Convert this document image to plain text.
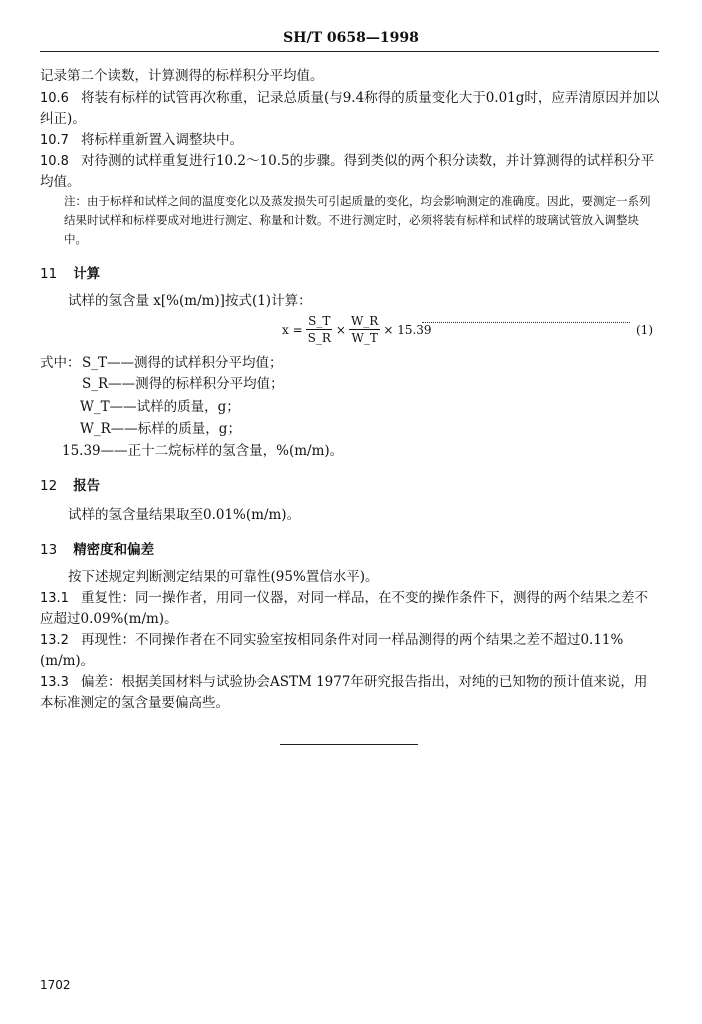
SH/T 0658—1998
记录第二个读数，计算测得的标样积分平均值。
10.6 将装有标样的试管再次称重，记录总质量(与9.4称得的质量变化大于0.01g时，应弄清原因并加以纠正)。
10.7 将标样重新置入调整块中。
10.8 对待测的试样重复进行10.2～10.5的步骤。得到类似的两个积分读数，并计算测得的试样积分平均值。
注：由于标样和试样之间的温度变化以及蒸发损失可引起质量的变化，均会影响测定的准确度。因此，要测定一系列结果时试样和标样要成对地进行测定、称量和计数。不进行测定时，必须将装有标样和试样的玻璃试管放入调整块中。
11 计算
试样的氢含量 x[%(m/m)]按式(1)计算：
$x = \frac{S\_T}{S\_R} \times \frac{W\_R}{W\_T} \times 15.39$	(1)
式中： S_T——测得的试样积分平均值；
S_R——测得的标样积分平均值；
W_T——试样的质量，g；
W_R——标样的质量，g；
15.39——正十二烷标样的氢含量，%(m/m)。
12 报告
试样的氢含量结果取至0.01%(m/m)。
13 精密度和偏差
按下述规定判断测定结果的可靠性(95%置信水平)。
13.1 重复性：同一操作者，用同一仪器，对同一样品，在不变的操作条件下，测得的两个结果之差不应超过0.09%(m/m)。
13.2 再现性：不同操作者在不同实验室按相同条件对同一样品测得的两个结果之差不超过0.11%(m/m)。
13.3 偏差：根据美国材料与试验协会ASTM 1977年研究报告指出，对纯的已知物的预计值来说，用本标准测定的氢含量要偏高些。
1702
